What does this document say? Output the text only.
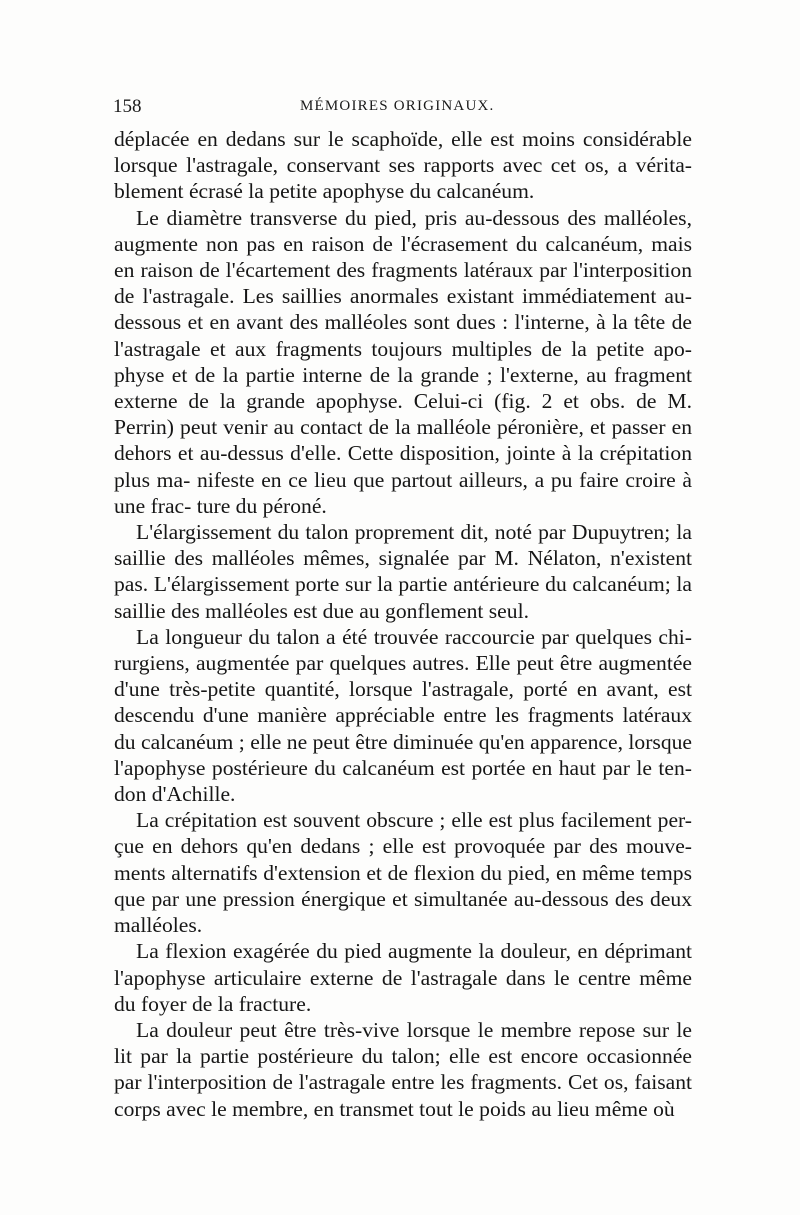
158	MÉMOIRES ORIGINAUX.

déplacée en dedans sur le scaphoïde, elle est moins considérable lorsque l'astragale, conservant ses rapports avec cet os, a vérita- blement écrasé la petite apophyse du calcanéum.

Le diamètre transverse du pied, pris au-dessous des malléoles, augmente non pas en raison de l'écrasement du calcanéum, mais en raison de l'écartement des fragments latéraux par l'interposition de l'astragale. Les saillies anormales existant immédiatement au- dessous et en avant des malléoles sont dues : l'interne, à la tête de l'astragale et aux fragments toujours multiples de la petite apo- physe et de la partie interne de la grande ; l'externe, au fragment externe de la grande apophyse. Celui-ci (fig. 2 et obs. de M. Perrin) peut venir au contact de la malléole péronière, et passer en dehors et au-dessus d'elle. Cette disposition, jointe à la crépitation plus ma- nifeste en ce lieu que partout ailleurs, a pu faire croire à une frac- ture du péroné.

L'élargissement du talon proprement dit, noté par Dupuytren; la saillie des malléoles mêmes, signalée par M. Nélaton, n'existent pas. L'élargissement porte sur la partie antérieure du calcanéum; la saillie des malléoles est due au gonflement seul.

La longueur du talon a été trouvée raccourcie par quelques chi- rurgiens, augmentée par quelques autres. Elle peut être augmentée d'une très-petite quantité, lorsque l'astragale, porté en avant, est descendu d'une manière appréciable entre les fragments latéraux du calcanéum ; elle ne peut être diminuée qu'en apparence, lorsque l'apophyse postérieure du calcanéum est portée en haut par le ten- don d'Achille.

La crépitation est souvent obscure ; elle est plus facilement per- çue en dehors qu'en dedans ; elle est provoquée par des mouve- ments alternatifs d'extension et de flexion du pied, en même temps que par une pression énergique et simultanée au-dessous des deux malléoles.

La flexion exagérée du pied augmente la douleur, en déprimant l'apophyse articulaire externe de l'astragale dans le centre même du foyer de la fracture.

La douleur peut être très-vive lorsque le membre repose sur le lit par la partie postérieure du talon; elle est encore occasionnée par l'interposition de l'astragale entre les fragments. Cet os, faisant corps avec le membre, en transmet tout le poids au lieu même où
